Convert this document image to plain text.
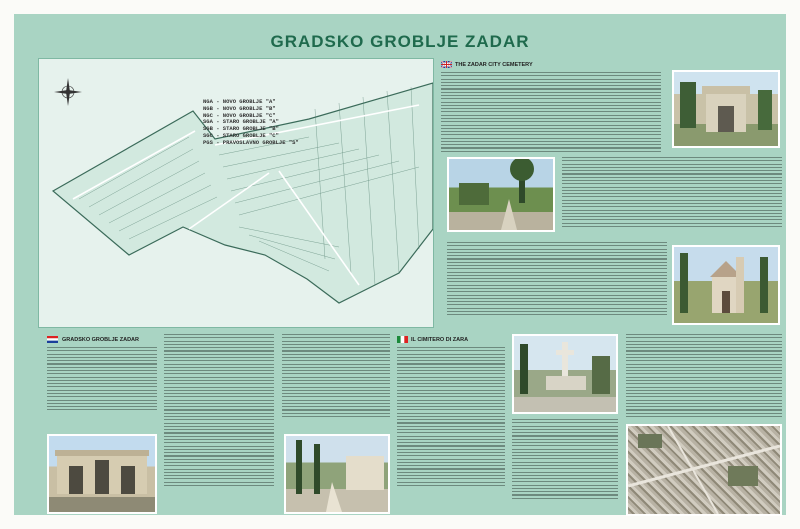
GRADSKO GROBLJE ZADAR
NGA - NOVO GROBLJE "A"
NGB - NOVO GROBLJE "B"
NGC - NOVO GROBLJE "C"
SGA - STARO GROBLJE "A"
SGB - STARO GROBLJE "B"
SGC - STARO GROBLJE "C"
PGS - PRAVOSLAVNO GROBLJE "S"
THE ZADAR CITY CEMETERY
GRADSKO GROBLJE ZADAR	IL CIMITERO DI ZARA
